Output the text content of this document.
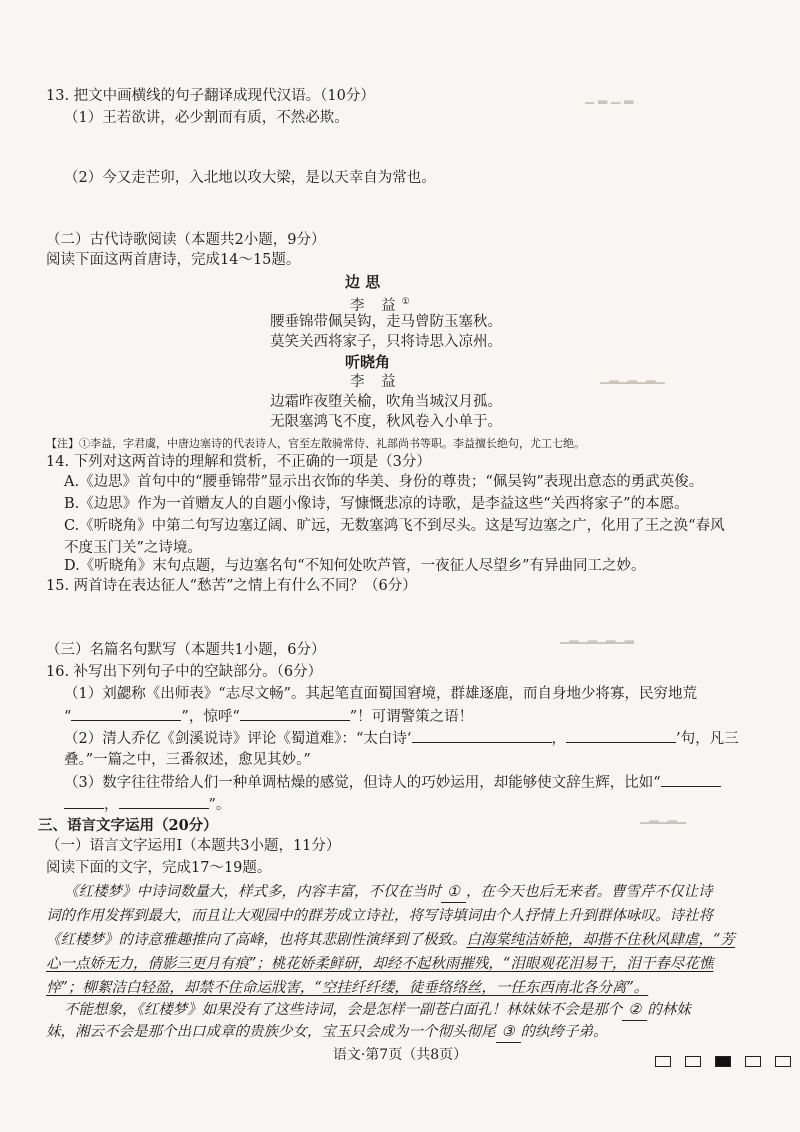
▁ ▂ ▁ ▂
▁▂▁▂▁▂▁
▁▂▁▂▁▂▁▂
▁▂▁▂▁
13. 把文中画横线的句子翻译成现代汉语。（10分）
（1）王若欲讲，必少割而有质，不然必欺。
（2）今又走芒卯，入北地以攻大梁，是以天幸自为常也。
（二）古代诗歌阅读（本题共2小题，9分）
阅读下面这两首唐诗，完成14～15题。
边 思
李 益①
腰垂锦带佩吴钩，走马曾防玉塞秋。
莫笑关西将家子，只将诗思入凉州。
听晓角
李 益
边霜昨夜堕关榆，吹角当城汉月孤。
无限塞鸿飞不度，秋风卷入小单于。
【注】①李益，字君虞，中唐边塞诗的代表诗人，官至左散骑常侍、礼部尚书等职。李益擅长绝句，尤工七绝。
14. 下列对这两首诗的理解和赏析，不正确的一项是（3分）
A.《边思》首句中的“腰垂锦带”显示出衣饰的华美、身份的尊贵；“佩吴钩”表现出意态的勇武英俊。
B.《边思》作为一首赠友人的自题小像诗，写慷慨悲凉的诗歌，是李益这些“关西将家子”的本愿。
C.《听晓角》中第二句写边塞辽阔、旷远，无数塞鸿飞不到尽头。这是写边塞之广，化用了王之涣“春风
不度玉门关”之诗境。
D.《听晓角》末句点题，与边塞名句“不知何处吹芦管，一夜征人尽望乡”有异曲同工之妙。
15. 两首诗在表达征人“愁苦”之情上有什么不同？（6分）
（三）名篇名句默写（本题共1小题，6分）
16. 补写出下列句子中的空缺部分。（6分）
（1）刘勰称《出师表》“志尽文畅”。其起笔直面蜀国窘境，群雄逐鹿，而自身地少将寡，民穷地荒
“	”，惊呼“	”！可谓警策之语！
（2）清人乔亿《剑溪说诗》评论《蜀道难》：“太白诗‘	，	’句，凡三
叠。”一篇之中，三番叙述，愈见其妙。”
（3）数字往往带给人们一种单调枯燥的感觉，但诗人的巧妙运用，却能够使文辞生辉，比如“
，	”。
三、语言文字运用（20分）
（一）语言文字运用Ⅰ（本题共3小题，11分）
阅读下面的文字，完成17～19题。
《红楼梦》中诗词数量大，样式多，内容丰富，不仅在当时 ① ，在今天也后无来者。曹雪芹不仅让诗
词的作用发挥到最大，而且让大观园中的群芳成立诗社，将写诗填词由个人抒情上升到群体咏叹。诗社将
《红楼梦》的诗意雅趣推向了高峰，也将其悲剧性演绎到了极致。白海棠纯洁娇艳，却揩不住秋风肆虐，“芳
心一点娇无力，倩影三更月有痕”；桃花娇柔鲜研，却经不起秋雨摧残，“泪眼观花泪易干，泪干春尽花憔
悴”；柳絮洁白轻盈，却禁不住命运戕害，“空挂纤纤缕，徒垂络络丝，一任东西南北各分离”。
不能想象，《红楼梦》如果没有了这些诗词，会是怎样一副苍白面孔！林妹妹不会是那个 ② 的林妹
妹，湘云不会是那个出口成章的贵族少女，宝玉只会成为一个彻头彻尾 ③ 的纨绔子弟。
语文·第7页（共8页）
